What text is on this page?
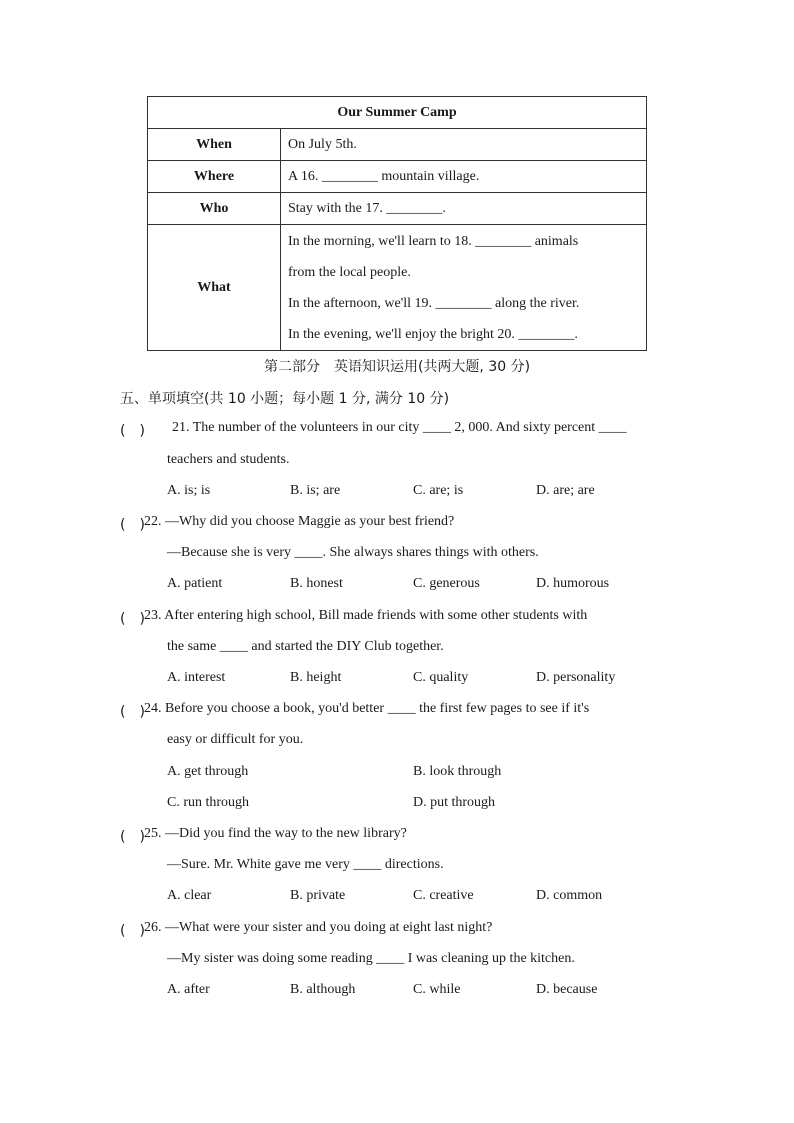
Our Summer Camp	
When	On July 5th.
Where	A 16. ________ mountain village.
Who	Stay with the 17. ________.
What	In the morning, we'll learn to 18. ________ animals
from the local people.
In the afternoon, we'll 19. ________ along the river.
In the evening, we'll enjoy the bright 20. ________.
第二部分　英语知识运用(共两大题, 30 分)
五、单项填空(共 10 小题；每小题 1 分, 满分 10 分)
(　) 21. The number of the volunteers in our city ____ 2, 000. And sixty percent ____
teachers and students.
A. is; is	B. is; are	C. are; is	D. are; are
(　) 22. —Why did you choose Maggie as your best friend?
—Because she is very ____. She always shares things with others.
A. patient	B. honest	C. generous	D. humorous
(　) 23. After entering high school, Bill made friends with some other students with
the same ____ and started the DIY Club together.
A. interest	B. height	C. quality	D. personality
(　) 24. Before you choose a book, you'd better ____ the first few pages to see if it's
easy or difficult for you.
A. get through	B. look through
C. run through	D. put through
(　) 25. —Did you find the way to the new library?
—Sure. Mr. White gave me very ____ directions.
A. clear	B. private	C. creative	D. common
(　) 26. —What were your sister and you doing at eight last night?
—My sister was doing some reading ____ I was cleaning up the kitchen.
A. after	B. although	C. while	D. because
